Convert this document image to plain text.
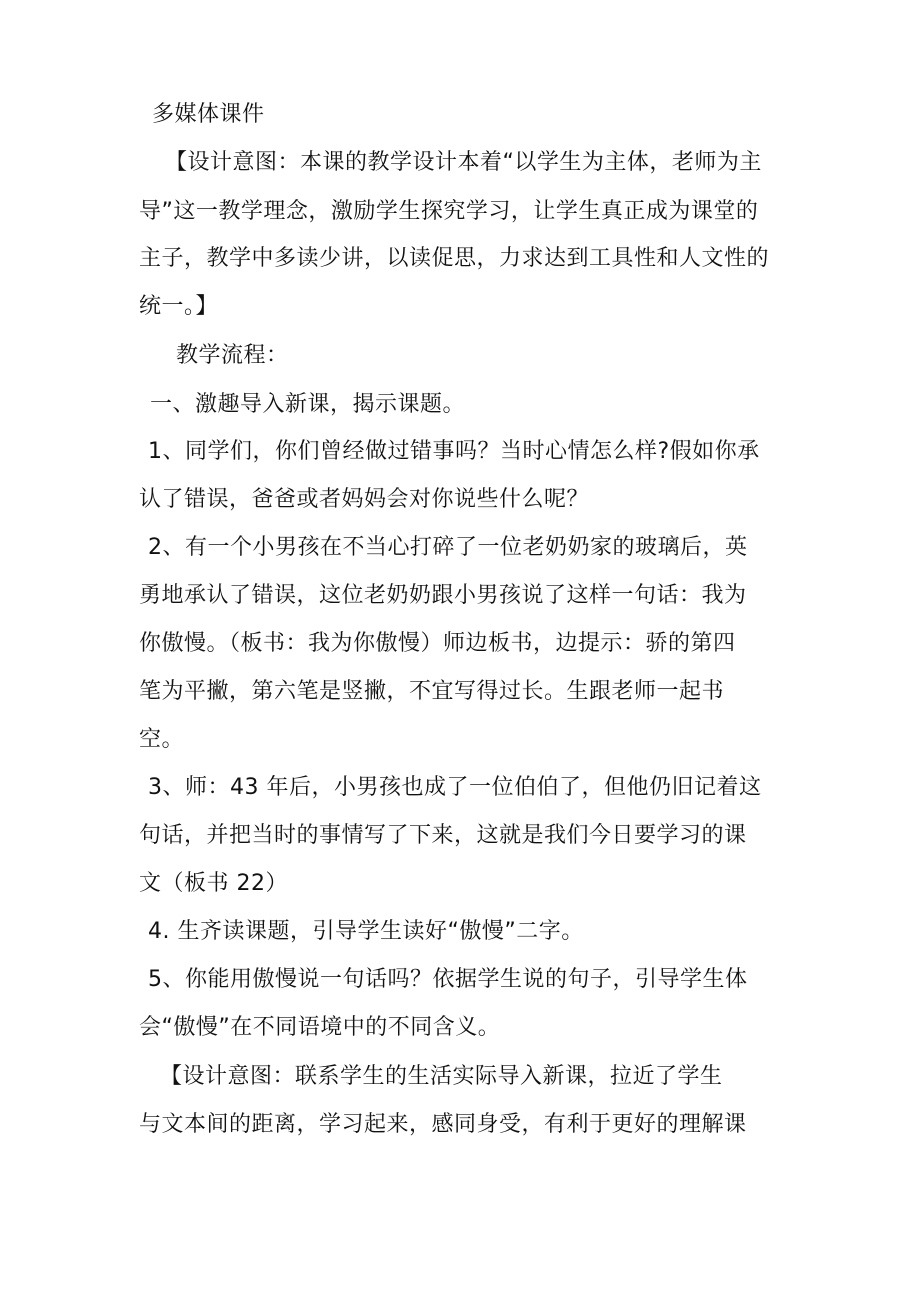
多媒体课件
【设计意图：本课的教学设计本着“以学生为主体，老师为主
导”这一教学理念，激励学生探究学习，让学生真正成为课堂的
主子，教学中多读少讲，以读促思，力求达到工具性和人文性的
统一。】
教学流程：
一、激趣导入新课，揭示课题。
1、同学们，你们曾经做过错事吗？当时心情怎么样?假如你承
认了错误，爸爸或者妈妈会对你说些什么呢？
2、有一个小男孩在不当心打碎了一位老奶奶家的玻璃后，英
勇地承认了错误，这位老奶奶跟小男孩说了这样一句话：我为
你傲慢。（板书：我为你傲慢）师边板书，边提示：骄的第四
笔为平撇，第六笔是竖撇，不宜写得过长。生跟老师一起书
空。
3、师：43 年后，小男孩也成了一位伯伯了，但他仍旧记着这
句话，并把当时的事情写了下来，这就是我们今日要学习的课
文（板书 22）
4. 生齐读课题，引导学生读好“傲慢”二字。
5、你能用傲慢说一句话吗？依据学生说的句子，引导学生体
会“傲慢”在不同语境中的不同含义。
【设计意图：联系学生的生活实际导入新课，拉近了学生
与文本间的距离，学习起来，感同身受，有利于更好的理解课
